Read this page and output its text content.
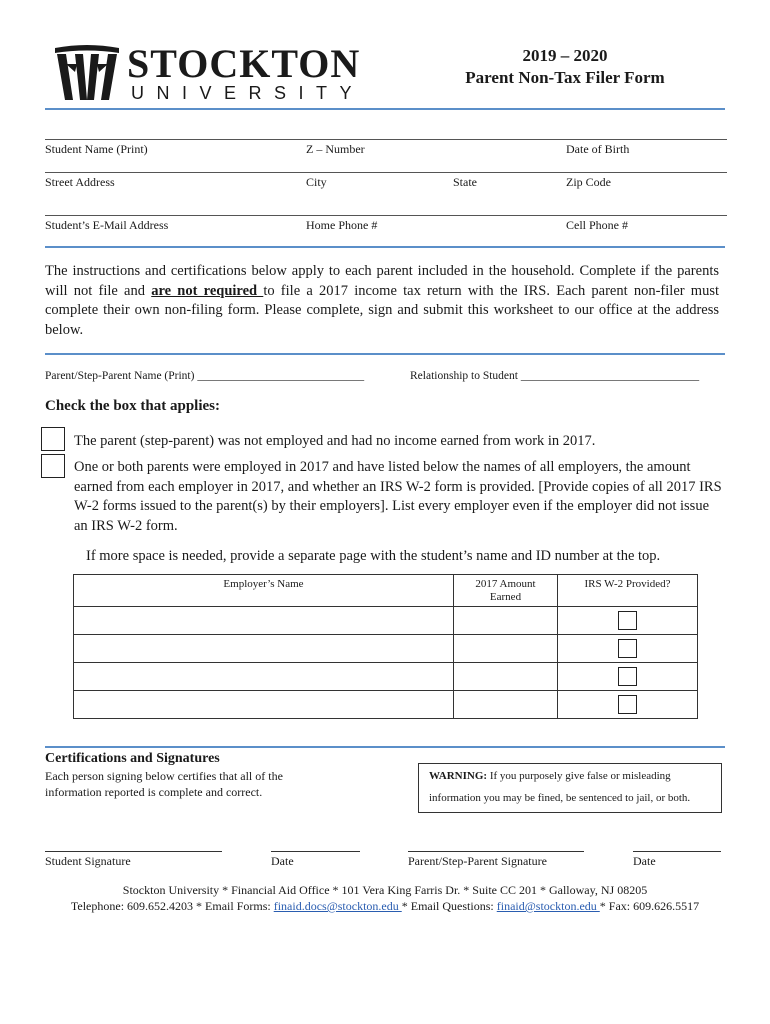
STOCKTON
UNIVERSITY
2019 – 2020
Parent Non-Tax Filer Form
Student Name (Print)	Z – Number	Date of Birth
Street Address	City	State	Zip Code
Student’s E-Mail Address	Home Phone #	Cell Phone #
The instructions and certifications below apply to each parent included in the household. Complete if the parents will not file and are not required to file a 2017 income tax return with the IRS. Each parent non-filer must complete their own non-filing form. Please complete, sign and submit this worksheet to our office at the address below.
Parent/Step-Parent Name (Print) _____________________________	Relationship to Student _______________________________
Check the box that applies:
The parent (step-parent) was not employed and had no income earned from work in 2017.
One or both parents were employed in 2017 and have listed below the names of all employers, the amount earned from each employer in 2017, and whether an IRS W-2 form is provided. [Provide copies of all 2017 IRS W-2 forms issued to the parent(s) by their employers]. List every employer even if the employer did not issue an IRS W-2 form.
If more space is needed, provide a separate page with the student’s name and ID number at the top.
Employer’s Name	2017 Amount Earned	IRS W-2 Provided?

Certifications and Signatures
Each person signing below certifies that all of the information reported is complete and correct.
WARNING: If you purposely give false or misleading
information you may be fined, be sentenced to jail, or both.
Student Signature	Date	Parent/Step-Parent Signature	Date
Stockton University * Financial Aid Office * 101 Vera King Farris Dr. * Suite CC 201 * Galloway, NJ 08205
Telephone: 609.652.4203 * Email Forms: finaid.docs@stockton.edu * Email Questions: finaid@stockton.edu * Fax: 609.626.5517
